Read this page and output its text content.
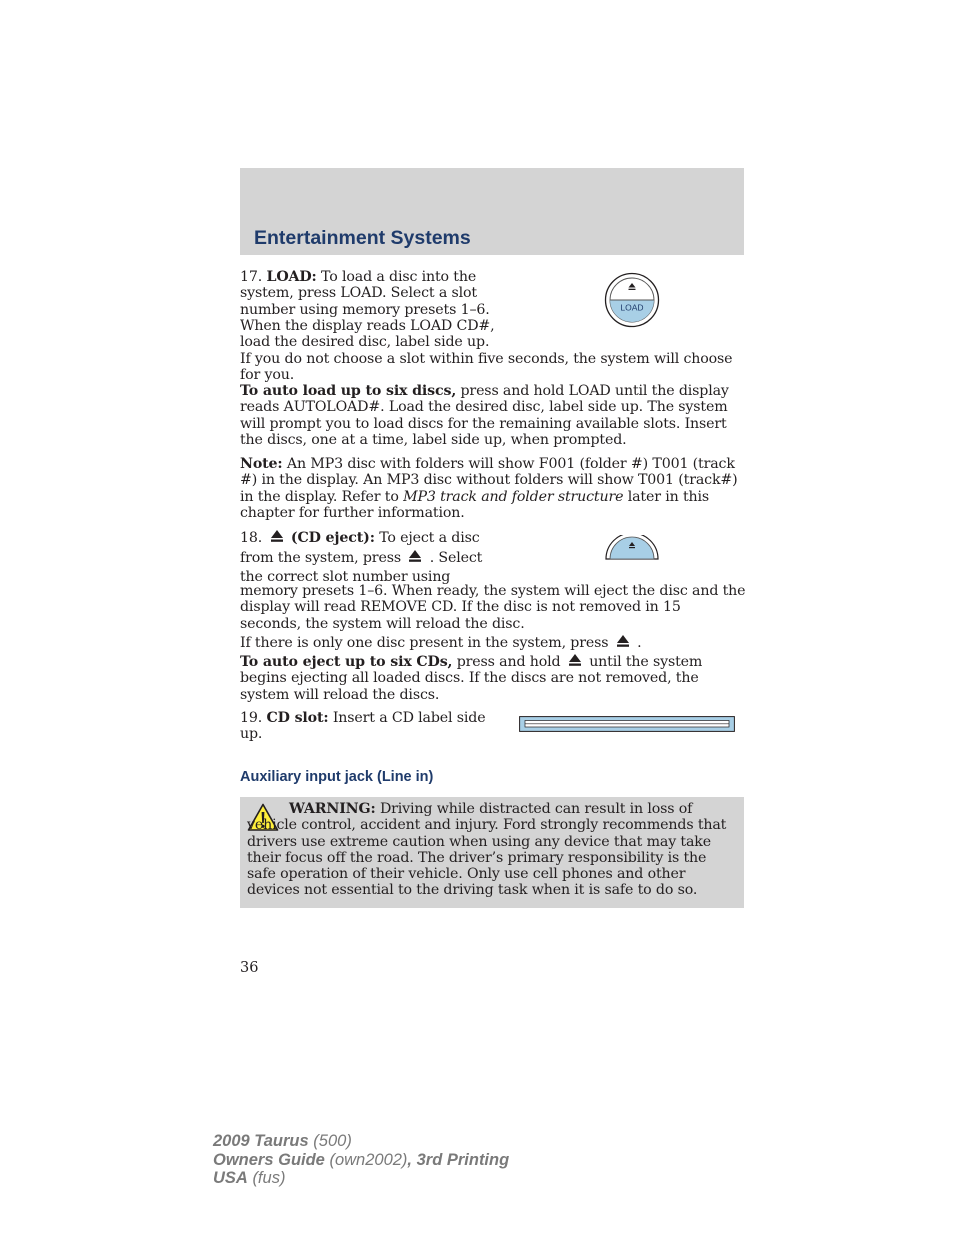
Entertainment Systems
17. LOAD: To load a disc into the
system, press LOAD. Select a slot
number using memory presets 1–6.
When the display reads LOAD CD#,
load the desired disc, label side up.
LOAD
If you do not choose a slot within five seconds, the system will choose for you.
To auto load up to six discs, press and hold LOAD until the display reads AUTOLOAD#. Load the desired disc, label side up. The system will prompt you to load discs for the remaining available slots. Insert the discs, one at a time, label side up, when prompted.
Note: An MP3 disc with folders will show F001 (folder #) T001 (track #) in the display. An MP3 disc without folders will show T001 (track#) in the display. Refer to MP3 track and folder structure later in this chapter for further information.
18. (CD eject): To eject a disc
from the system, press . Select
the correct slot number using
memory presets 1–6. When ready, the system will eject the disc and the display will read REMOVE CD. If the disc is not removed in 15 seconds, the system will reload the disc.
If there is only one disc present in the system, press .
To auto eject up to six CDs, press and hold until the system begins ejecting all loaded discs. If the discs are not removed, the system will reload the discs.
19. CD slot: Insert a CD label side
up.
Auxiliary input jack (Line in)
WARNING: Driving while distracted can result in loss of vehicle control, accident and injury. Ford strongly recommends that drivers use extreme caution when using any device that may take their focus off the road. The driver’s primary responsibility is the safe operation of their vehicle. Only use cell phones and other devices not essential to the driving task when it is safe to do so.
36
2009 Taurus (500)
Owners Guide (own2002), 3rd Printing
USA (fus)
